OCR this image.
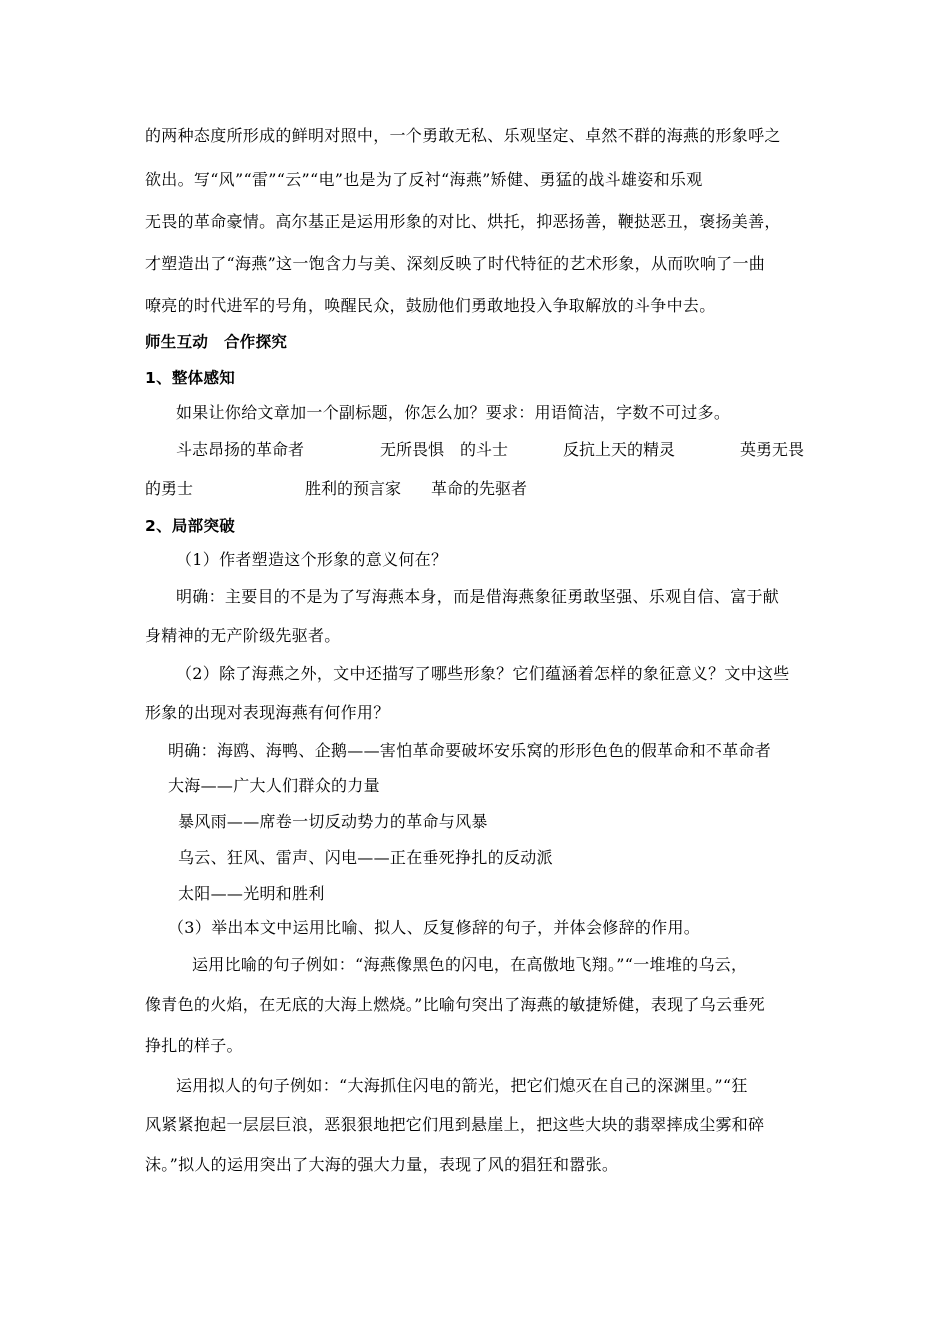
的两种态度所形成的鲜明对照中，一个勇敢无私、乐观坚定、卓然不群的海燕的形象呼之
欲出。写“风”“雷”“云”“电”也是为了反衬“海燕”矫健、勇猛的战斗雄姿和乐观
无畏的革命豪情。高尔基正是运用形象的对比、烘托，抑恶扬善，鞭挞恶丑，褒扬美善，
才塑造出了“海燕”这一饱含力与美、深刻反映了时代特征的艺术形象，从而吹响了一曲
嘹亮的时代进军的号角，唤醒民众，鼓励他们勇敢地投入争取解放的斗争中去。
师生互动　合作探究
1、整体感知
如果让你给文章加一个副标题，你怎么加？要求：用语简洁，字数不可过多。
斗志昂扬的革命者	无所畏惧　的斗士	反抗上天的精灵	英勇无畏
的勇士	胜利的预言家 革命的先驱者
2、局部突破
（1）作者塑造这个形象的意义何在？
明确：主要目的不是为了写海燕本身，而是借海燕象征勇敢坚强、乐观自信、富于献
身精神的无产阶级先驱者。
（2）除了海燕之外，文中还描写了哪些形象？它们蕴涵着怎样的象征意义？文中这些
形象的出现对表现海燕有何作用？
明确：海鸥、海鸭、企鹅——害怕革命要破坏安乐窝的形形色色的假革命和不革命者
大海——广大人们群众的力量
暴风雨——席卷一切反动势力的革命与风暴
乌云、狂风、雷声、闪电——正在垂死挣扎的反动派
太阳——光明和胜利
（3）举出本文中运用比喻、拟人、反复修辞的句子，并体会修辞的作用。
运用比喻的句子例如：“海燕像黑色的闪电，在高傲地飞翔。”“一堆堆的乌云，
像青色的火焰，在无底的大海上燃烧。”比喻句突出了海燕的敏捷矫健，表现了乌云垂死
挣扎的样子。
运用拟人的句子例如：“大海抓住闪电的箭光，把它们熄灭在自己的深渊里。”“狂
风紧紧抱起一层层巨浪，恶狠狠地把它们甩到悬崖上，把这些大块的翡翠摔成尘雾和碎
沫。”拟人的运用突出了大海的强大力量，表现了风的猖狂和嚣张。
